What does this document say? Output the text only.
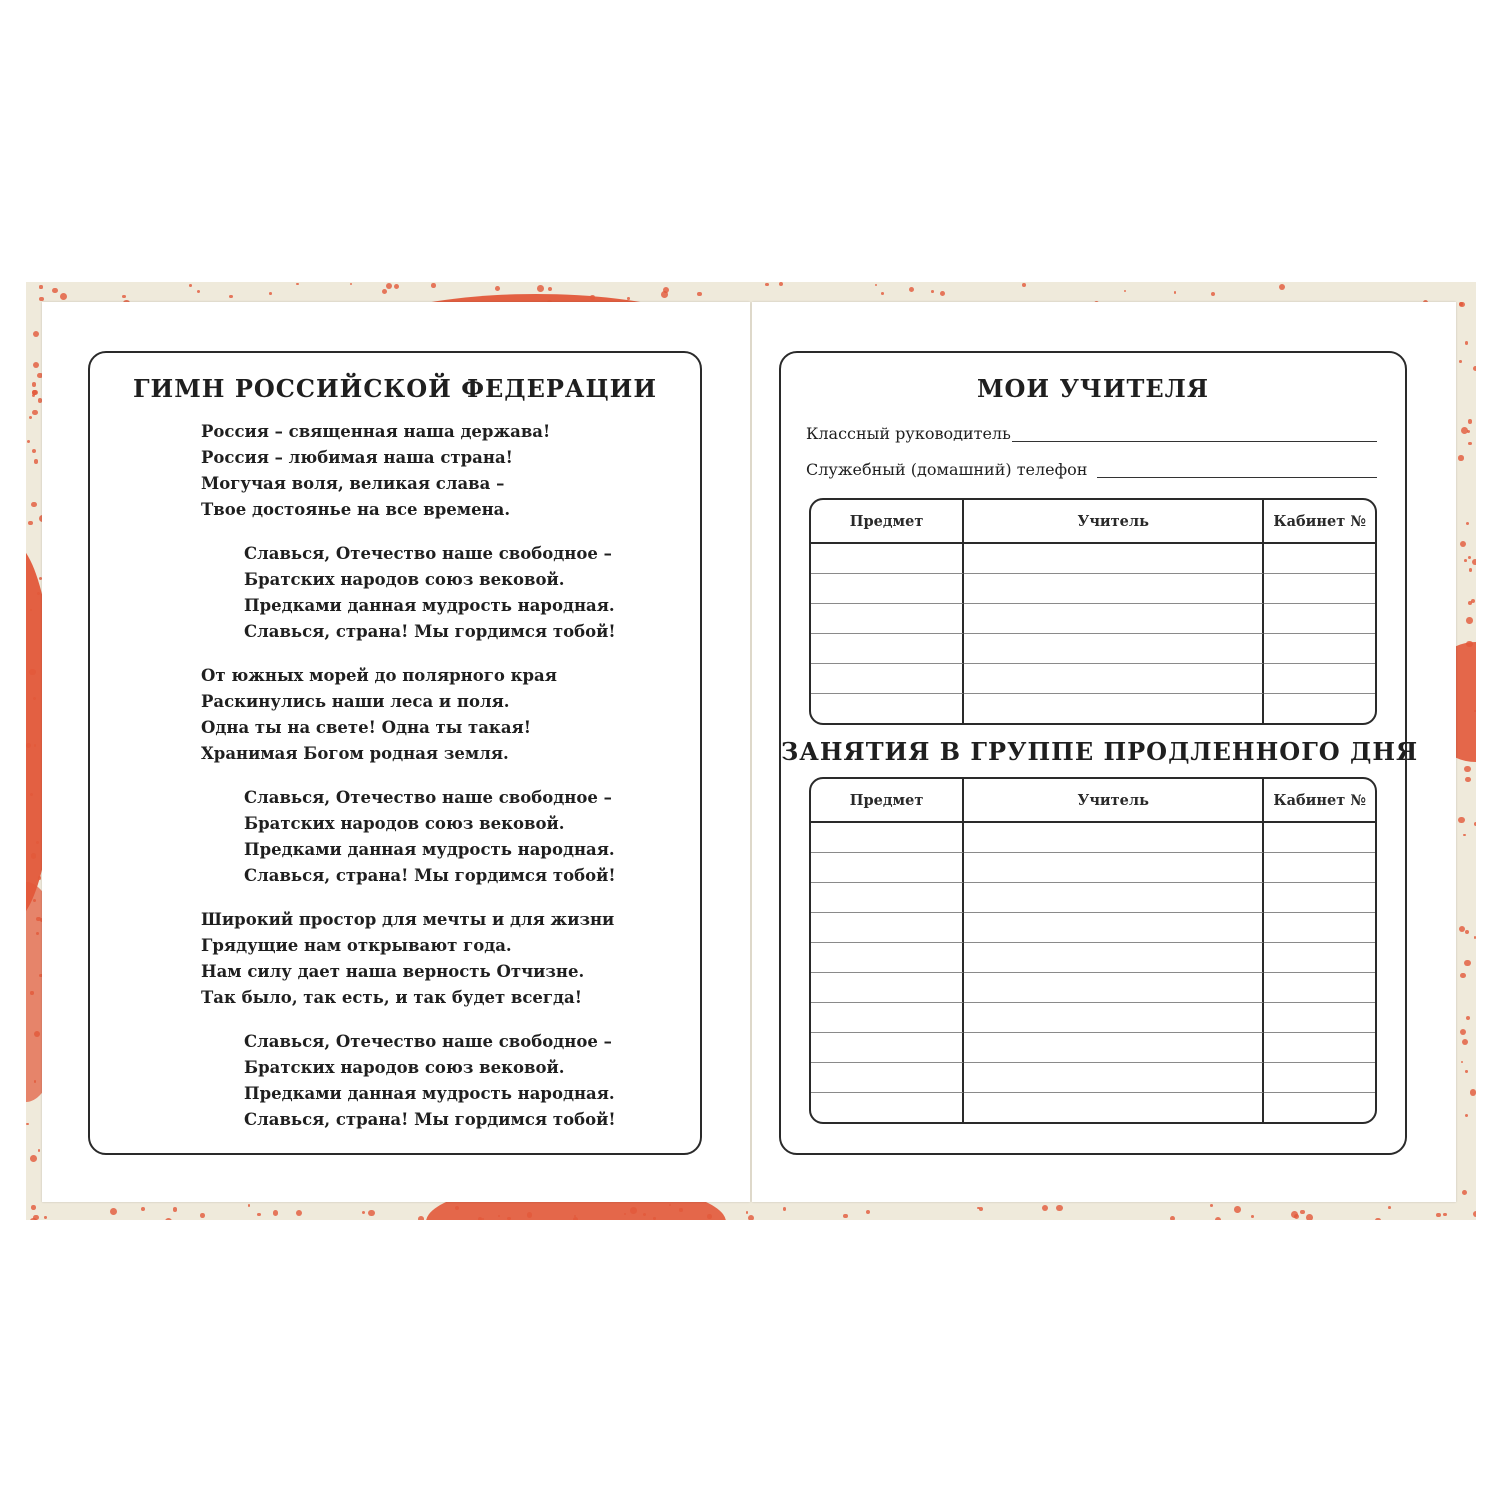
ГИМН РОССИЙСКОЙ ФЕДЕРАЦИИ
Россия – священная наша держава!
Россия – любимая наша страна!
Могучая воля, великая слава –
Твое достоянье на все времена.
Славься, Отечество наше свободное –
Братских народов союз вековой.
Предками данная мудрость народная.
Славься, страна! Мы гордимся тобой!
От южных морей до полярного края
Раскинулись наши леса и поля.
Одна ты на свете! Одна ты такая!
Хранимая Богом родная земля.
Славься, Отечество наше свободное –
Братских народов союз вековой.
Предками данная мудрость народная.
Славься, страна! Мы гордимся тобой!
Широкий простор для мечты и для жизни
Грядущие нам открывают года.
Нам силу дает наша верность Отчизне.
Так было, так есть, и так будет всегда!
Славься, Отечество наше свободное –
Братских народов союз вековой.
Предками данная мудрость народная.
Славься, страна! Мы гордимся тобой!
МОИ УЧИТЕЛЯ
Классный руководитель
Служебный (домашний) телефон
Предмет	Учитель	Кабинет №

ЗАНЯТИЯ В ГРУППЕ ПРОДЛЕННОГО ДНЯ
Предмет	Учитель	Кабинет №
